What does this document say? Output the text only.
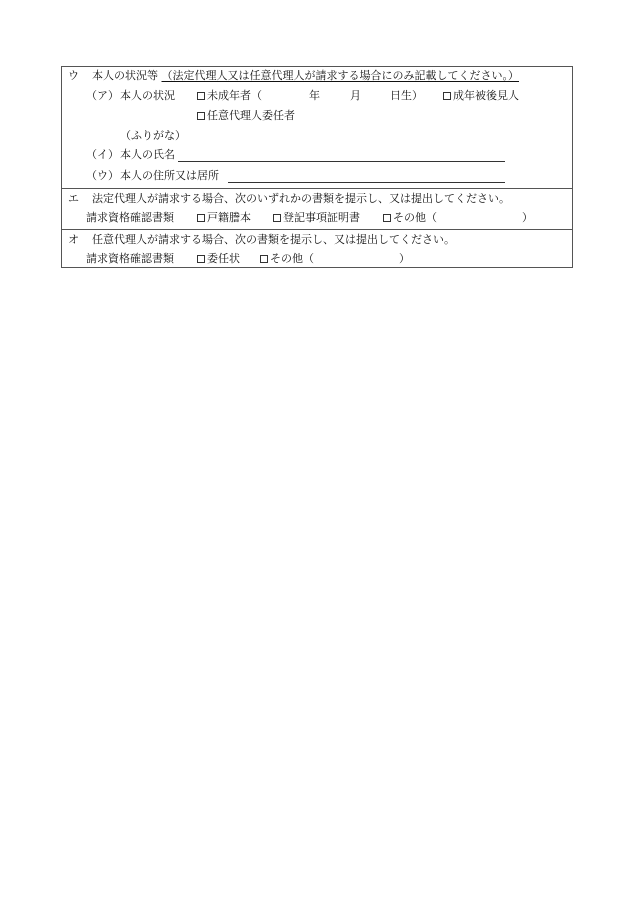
ウ 本人の状況等 （法定代理人又は任意代理人が請求する場合にのみ記載してください。）
（ア） 本人の状況	未成年者（	年	月	日生）	成年被後見人
任意代理人委任者
（ふりがな）
（イ） 本人の氏名
（ウ） 本人の住所又は居所
エ 法定代理人が請求する場合、次のいずれかの書類を提示し、又は提出してください。
請求資格確認書類	戸籍謄本	登記事項証明書	その他（	）
オ 任意代理人が請求する場合、次の書類を提示し、又は提出してください。
請求資格確認書類	委任状	その他（	）
